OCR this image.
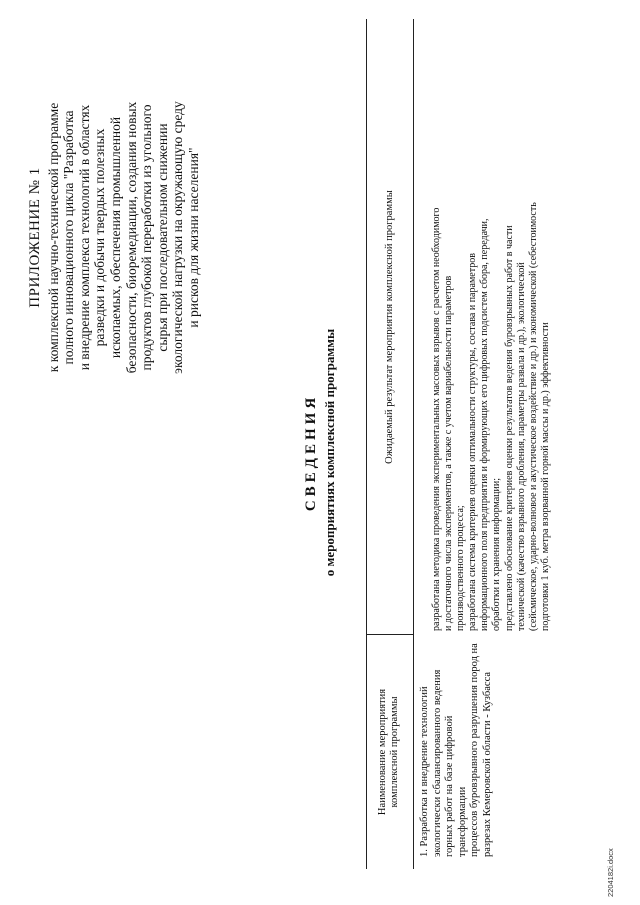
ПРИЛОЖЕНИЕ № 1 к комплексной научно-технической программе полного инновационного цикла "Разработка и внедрение комплекса технологий в областях разведки и добычи твердых полезных ископаемых, обеспечения промышленной безопасности, биоремедиации, создания новых продуктов глубокой переработки из угольного сырья при последовательном снижении экологической нагрузки на окружающую среду и рисков для жизни населения"
СВЕДЕНИЯ о мероприятиях комплексной программы
Наименование мероприятия комплексной программы
Ожидаемый результат мероприятия комплексной программы
1. Разработка и внедрение технологий экологически сбалансированного ведения горных работ на базе цифровой трансформации процессов буровзрывного разрушения пород на разрезах Кемеровской области - Кузбасса

разработана методика проведения экспериментальных массовых взрывов с расчетом необходимого и достаточного числа экспериментов, а также с учетом вариабельности параметров производственного процесса; разработана система критериев оценки оптимальности структуры, состава и параметров информационного поля предприятия и формирующих его цифровых подсистем сбора, передачи, обработки и хранения информации; представлено обоснование критериев оценки результатов ведения буровзрывных работ в части технической (качество взрывного дробления, параметры развала и др.), экологической (сейсмическое, ударно-волновое и акустическое воздействие и др.) и экономической (себестоимость подготовки 1 куб. метра взорванной горной массы и др.) эффективности

2204182i.docx
